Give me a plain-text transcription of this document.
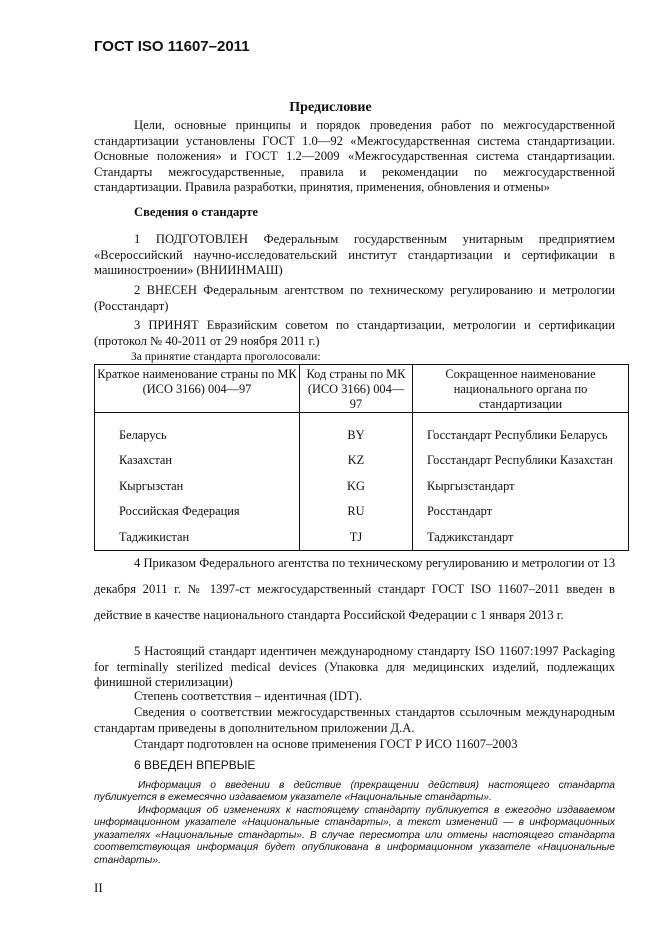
ГОСТ ISO 11607–2011
Предисловие
Цели, основные принципы и порядок проведения работ по межгосударственной стандартизации установлены ГОСТ 1.0—92 «Межгосударственная система стандартизации. Основные положения» и ГОСТ 1.2—2009 «Межгосударственная система стандартизации. Стандарты межгосударственные, правила и рекомендации по межгосударственной стандартизации. Правила разработки, принятия, применения, обновления и отмены»
Сведения о стандарте
1 ПОДГОТОВЛЕН Федеральным государственным унитарным предприятием «Всероссийский научно-исследовательский институт стандартизации и сертификации в машиностроении» (ВНИИНМАШ)
2 ВНЕСЕН Федеральным агентством по техническому регулированию и метрологии (Росстандарт)
3 ПРИНЯТ Евразийским советом по стандартизации, метрологии и сертификации (протокол № 40-2011 от 29 ноября 2011 г.)
За принятие стандарта проголосовали:
Краткое наименование страны по МК (ИСО 3166) 004—97	Код страны по МК (ИСО 3166) 004—97	Сокращенное наименование национального органа по стандартизации
Беларусь	BY	Госстандарт Республики Беларусь
Казахстан	KZ	Госстандарт Республики Казахстан
Кыргызстан	KG	Кыргызстандарт
Российская Федерация	RU	Росстандарт
Таджикистан	TJ	Таджикстандарт
4 Приказом Федерального агентства по техническому регулированию и метрологии от 13 декабря 2011 г. № 1397-ст межгосударственный стандарт ГОСТ ISO 11607–2011 введен в действие в качестве национального стандарта Российской Федерации с 1 января 2013 г.
5 Настоящий стандарт идентичен международному стандарту ISO 11607:1997 Packaging for terminally sterilized medical devices (Упаковка для медицинских изделий, подлежащих финишной стерилизации)
Степень соответствия – идентичная (IDT).
Сведения о соответствии межгосударственных стандартов ссылочным международным стандартам приведены в дополнительном приложении Д.А.
Стандарт подготовлен на основе применения ГОСТ Р ИСО 11607–2003
6 ВВЕДЕН ВПЕРВЫЕ
Информация о введении в действие (прекращении действия) настоящего стандарта публикуется в ежемесячно издаваемом указателе «Национальные стандарты».
Информация об изменениях к настоящему стандарту публикуется в ежегодно издаваемом информационном указателе «Национальные стандарты», а текст изменений — в информационных указателях «Национальные стандарты». В случае пересмотра или отмены настоящего стандарта соответствующая информация будет опубликована в информационном указателе «Национальные стандарты».
II
